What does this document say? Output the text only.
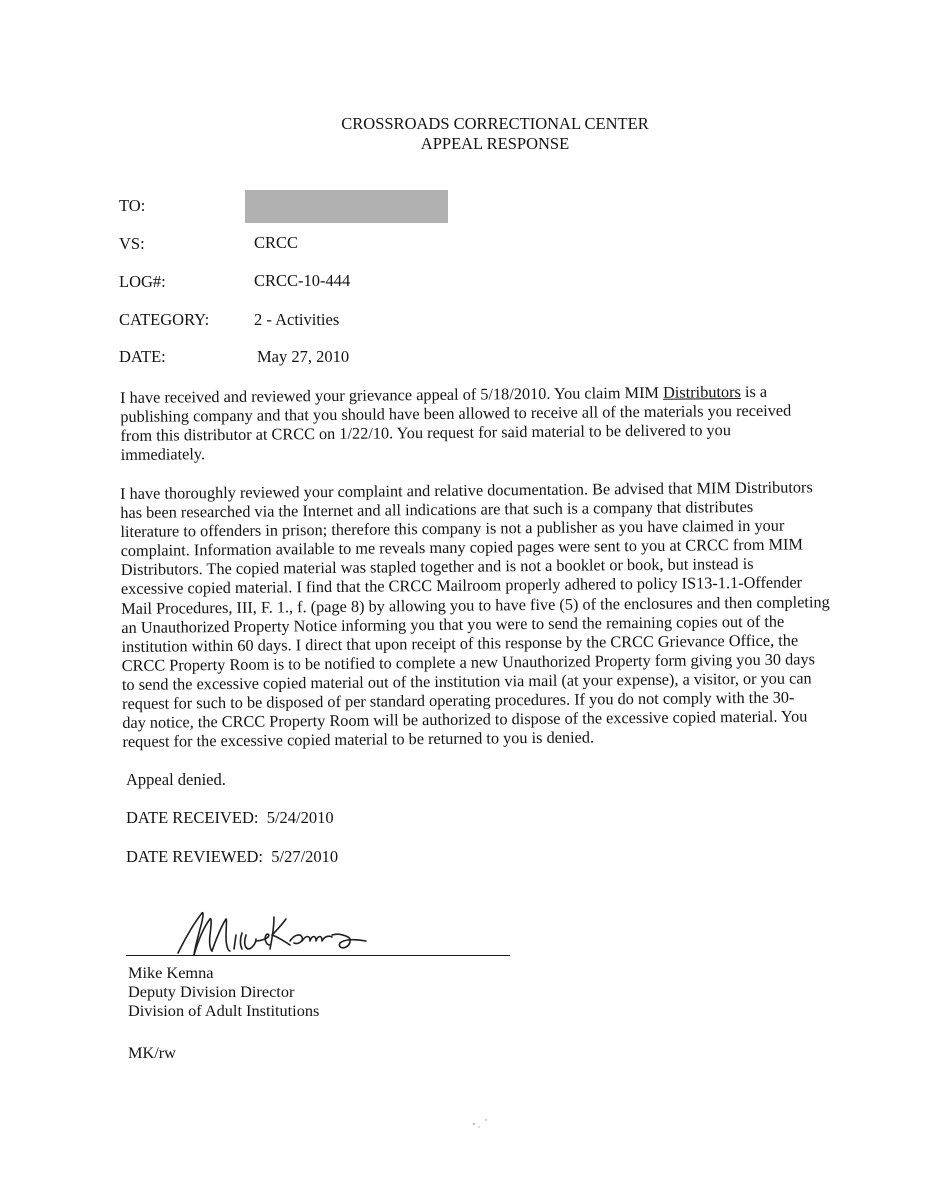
CROSSROADS CORRECTIONAL CENTER
APPEAL RESPONSE
TO:
VS:	CRCC
LOG#:	CRCC-10-444
CATEGORY:	2 - Activities
DATE:	May 27, 2010

I have received and reviewed your grievance appeal of 5/18/2010. You claim MIM Distributors is a

publishing company and that you should have been allowed to receive all of the materials you received

from this distributor at CRCC on 1/22/10. You request for said material to be delivered to you

immediately.

I have thoroughly reviewed your complaint and relative documentation. Be advised that MIM Distributors

has been researched via the Internet and all indications are that such is a company that distributes

literature to offenders in prison; therefore this company is not a publisher as you have claimed in your

complaint. Information available to me reveals many copied pages were sent to you at CRCC from MIM

Distributors. The copied material was stapled together and is not a booklet or book, but instead is

excessive copied material. I find that the CRCC Mailroom properly adhered to policy IS13-1.1-Offender

Mail Procedures, III, F. 1., f. (page 8) by allowing you to have five (5) of the enclosures and then completing

an Unauthorized Property Notice informing you that you were to send the remaining copies out of the

institution within 60 days. I direct that upon receipt of this response by the CRCC Grievance Office, the

CRCC Property Room is to be notified to complete a new Unauthorized Property form giving you 30 days

to send the excessive copied material out of the institution via mail (at your expense), a visitor, or you can

request for such to be disposed of per standard operating procedures. If you do not comply with the 30-

day notice, the CRCC Property Room will be authorized to dispose of the excessive copied material. You

request for the excessive copied material to be returned to you is denied.

Appeal denied.
DATE RECEIVED: 5/24/2010
DATE REVIEWED: 5/27/2010
Mike Kemna
Deputy Division Director
Division of Adult Institutions
MK/rw
